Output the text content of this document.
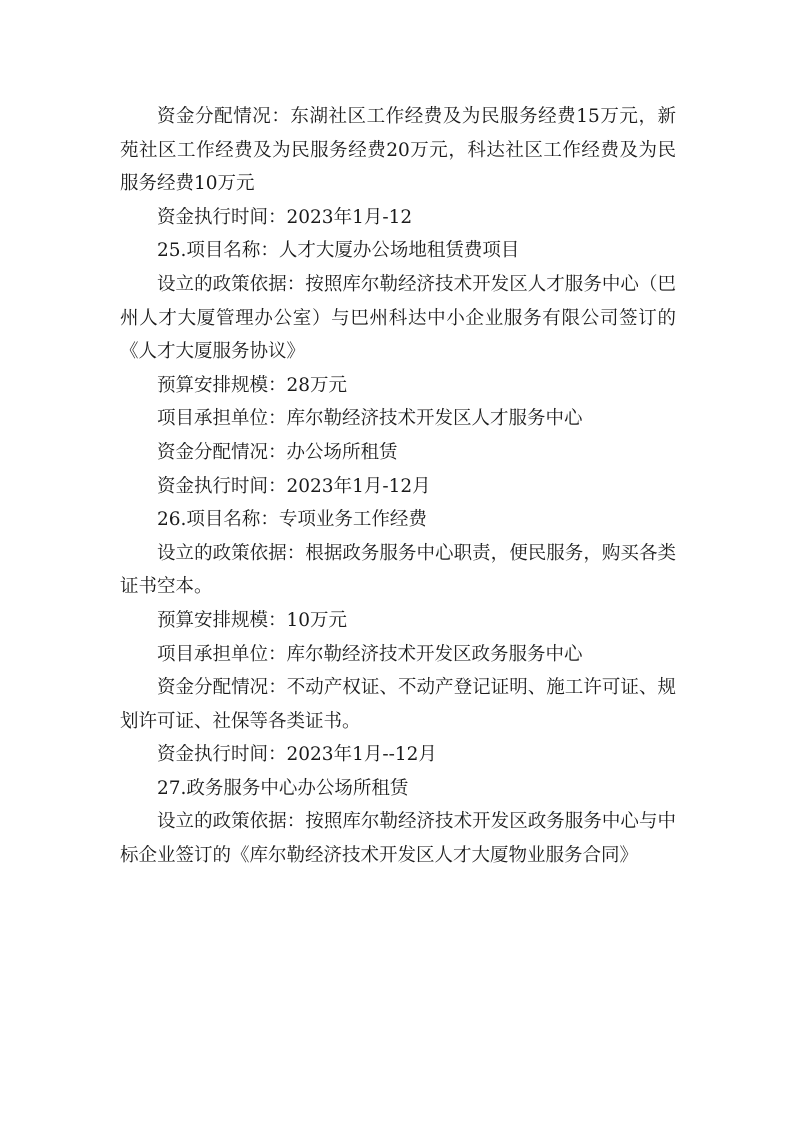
资金分配情况：东湖社区工作经费及为民服务经费15万元，新苑社区工作经费及为民服务经费20万元，科达社区工作经费及为民服务经费10万元

资金执行时间：2023年1月-12

25.项目名称：人才大厦办公场地租赁费项目

设立的政策依据：按照库尔勒经济技术开发区人才服务中心（巴州人才大厦管理办公室）与巴州科达中小企业服务有限公司签订的《人才大厦服务协议》

预算安排规模：28万元

项目承担单位：库尔勒经济技术开发区人才服务中心

资金分配情况：办公场所租赁

资金执行时间：2023年1月-12月

26.项目名称：专项业务工作经费

设立的政策依据：根据政务服务中心职责，便民服务，购买各类证书空本。

预算安排规模：10万元

项目承担单位：库尔勒经济技术开发区政务服务中心

资金分配情况：不动产权证、不动产登记证明、施工许可证、规划许可证、社保等各类证书。

资金执行时间：2023年1月--12月

27.政务服务中心办公场所租赁

设立的政策依据：按照库尔勒经济技术开发区政务服务中心与中标企业签订的《库尔勒经济技术开发区人才大厦物业服务合同》
